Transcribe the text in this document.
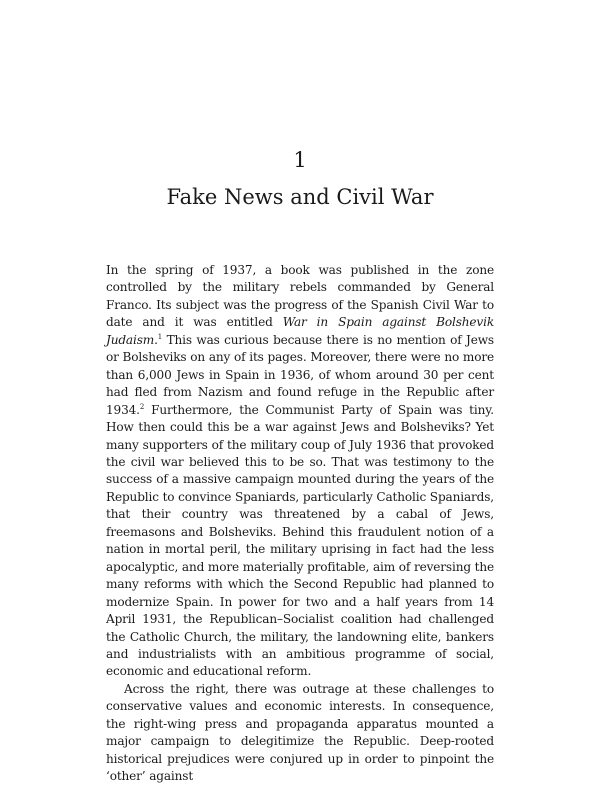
1
Fake News and Civil War

In the spring of 1937, a book was published in the zone controlled by the military rebels commanded by General Franco. Its subject was the progress of the Spanish Civil War to date and it was entitled War in Spain against Bolshevik Judaism.$^1$ This was curious because there is no mention of Jews or Bolsheviks on any of its pages. Moreover, there were no more than 6,000 Jews in Spain in 1936, of whom around 30 per cent had fled from Nazism and found refuge in the Republic after 1934.$^2$ Furthermore, the Communist Party of Spain was tiny. How then could this be a war against Jews and Bolsheviks? Yet many supporters of the military coup of July 1936 that provoked the civil war believed this to be so. That was testimony to the success of a massive campaign mounted during the years of the Republic to convince Spaniards, particularly Catholic Spaniards, that their country was threatened by a cabal of Jews, freemasons and Bolsheviks. Behind this fraudulent notion of a nation in mortal peril, the military uprising in fact had the less apocalyptic, and more materially profitable, aim of reversing the many reforms with which the Second Republic had planned to modernize Spain. In power for two and a half years from 14 April 1931, the Republican–Socialist coalition had challenged the Catholic Church, the military, the landowning elite, bankers and industrialists with an ambitious programme of social, economic and educational reform.

Across the right, there was outrage at these challenges to conservative values and economic interests. In consequence, the right-wing press and propaganda apparatus mounted a major campaign to delegitimize the Republic. Deep-rooted historical prejudices were conjured up in order to pinpoint the ‘other’ against
